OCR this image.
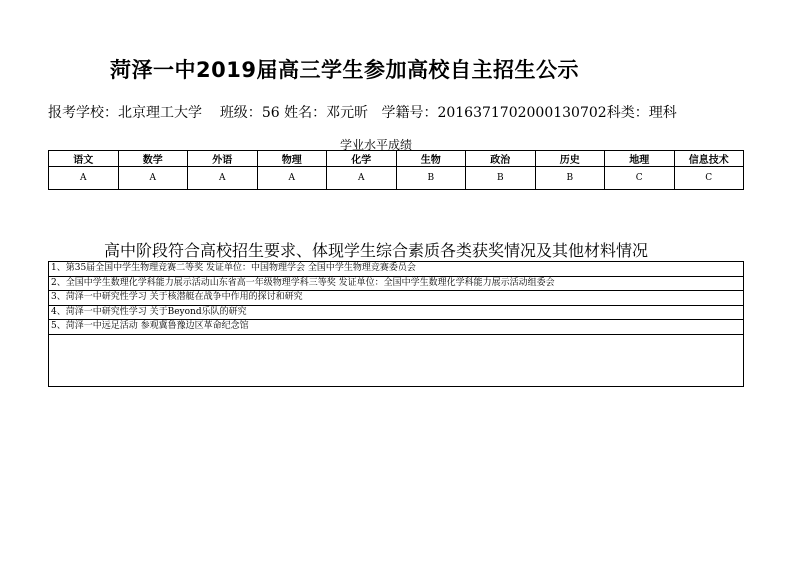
菏泽一中2019届高三学生参加高校自主招生公示
报考学校：北京理工大学 班级：56 姓名：邓元昕 学籍号：2016371702000130702科类：理科
学业水平成绩
语文	数学	外语	物理	化学	生物	政治	历史	地理	信息技术
A	A	A	A	A	B	B	B	C	C
高中阶段符合高校招生要求、体现学生综合素质各类获奖情况及其他材料情况
1、第35届全国中学生物理竞赛二等奖 发证单位：中国物理学会 全国中学生物理竞赛委员会
2、全国中学生数理化学科能力展示活动山东省高一年级物理学科三等奖 发证单位：全国中学生数理化学科能力展示活动组委会
3、菏泽一中研究性学习 关于核潜艇在战争中作用的探讨和研究
4、菏泽一中研究性学习 关于Beyond乐队的研究
5、菏泽一中远足活动 参观冀鲁豫边区革命纪念馆
